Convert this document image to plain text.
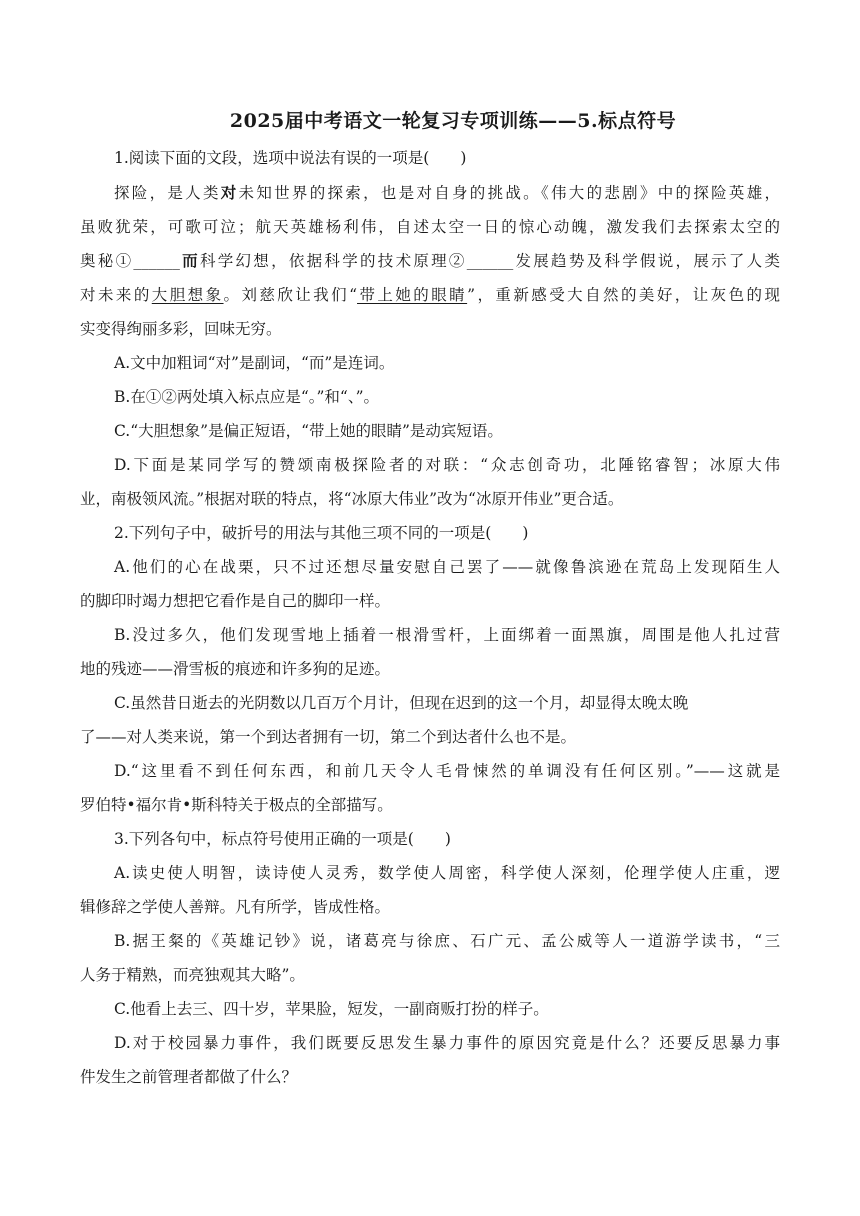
2025届中考语文一轮复习专项训练——5.标点符号
1.阅读下面的文段，选项中说法有误的一项是(　　)
探险，是人类对未知世界的探索，也是对自身的挑战。《伟大的悲剧》中的探险英雄，
虽败犹荣，可歌可泣；航天英雄杨利伟，自述太空一日的惊心动魄，激发我们去探索太空的
奥秘①______而科学幻想，依据科学的技术原理②______发展趋势及科学假说，展示了人类
对未来的大胆想象。刘慈欣让我们“带上她的眼睛”，重新感受大自然的美好，让灰色的现
实变得绚丽多彩，回味无穷。
A.文中加粗词“对”是副词，“而”是连词。
B.在①②两处填入标点应是“。”和“、”。
C.“大胆想象”是偏正短语，“带上她的眼睛”是动宾短语。
D.下面是某同学写的赞颂南极探险者的对联：“众志创奇功，北陲铭睿智；冰原大伟
业，南极领风流。”根据对联的特点，将“冰原大伟业”改为“冰原开伟业”更合适。
2.下列句子中，破折号的用法与其他三项不同的一项是(　　)
A.他们的心在战栗，只不过还想尽量安慰自己罢了——就像鲁滨逊在荒岛上发现陌生人
的脚印时竭力想把它看作是自己的脚印一样。
B.没过多久，他们发现雪地上插着一根滑雪杆，上面绑着一面黑旗，周围是他人扎过营
地的残迹——滑雪板的痕迹和许多狗的足迹。
C.虽然昔日逝去的光阴数以几百万个月计，但现在迟到的这一个月，却显得太晚太晚
了——对人类来说，第一个到达者拥有一切，第二个到达者什么也不是。
D.“这里看不到任何东西，和前几天令人毛骨悚然的单调没有任何区别。”——这就是
罗伯特•福尔肯•斯科特关于极点的全部描写。
3.下列各句中，标点符号使用正确的一项是(　　)
A.读史使人明智，读诗使人灵秀，数学使人周密，科学使人深刻，伦理学使人庄重，逻
辑修辞之学使人善辩。凡有所学，皆成性格。
B.据王粲的《英雄记钞》说，诸葛亮与徐庶、石广元、孟公威等人一道游学读书，“三
人务于精熟，而亮独观其大略”。
C.他看上去三、四十岁，苹果脸，短发，一副商贩打扮的样子。
D.对于校园暴力事件，我们既要反思发生暴力事件的原因究竟是什么？还要反思暴力事
件发生之前管理者都做了什么？
